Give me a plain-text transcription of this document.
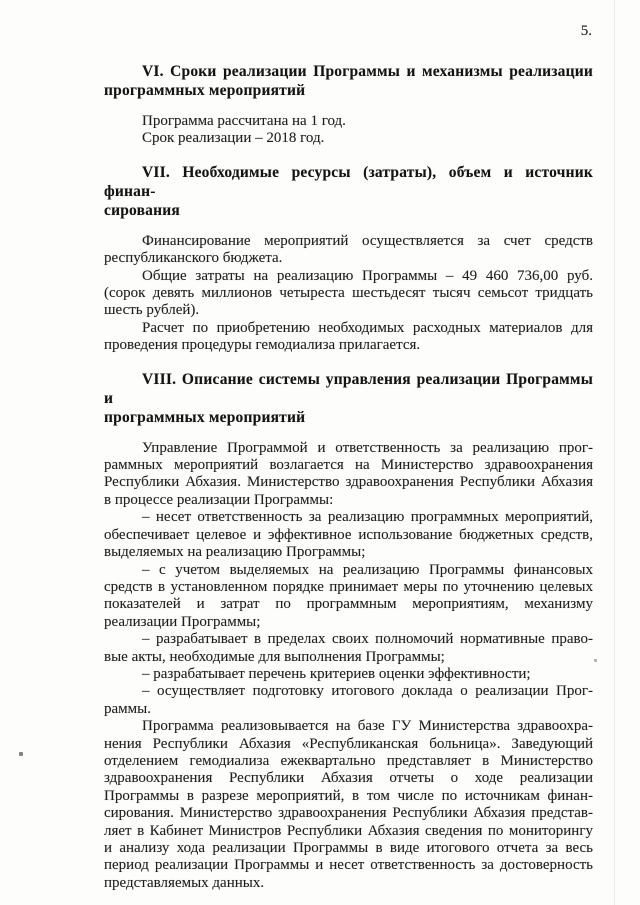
5.
VI. Сроки реализации Программы и механизмы реализации
программных мероприятий
Программа рассчитана на 1 год.
Срок реализации – 2018 год.
VII. Необходимые ресурсы (затраты), объем и источник финан-
сирования
Финансирование мероприятий осуществляется за счет средств
республиканского бюджета.
Общие затраты на реализацию Программы – 49 460 736,00 руб.
(сорок девять миллионов четыреста шестьдесят тысяч семьсот тридцать
шесть рублей).
Расчет по приобретению необходимых расходных материалов для
проведения процедуры гемодиализа прилагается.
VIII. Описание системы управления реализации Программы и
программных мероприятий
Управление Программой и ответственность за реализацию прог-
раммных мероприятий возлагается на Министерство здравоохранения
Республики Абхазия. Министерство здравоохранения Республики Абхазия
в процессе реализации Программы:
– несет ответственность за реализацию программных мероприятий,
обеспечивает целевое и эффективное использование бюджетных средств,
выделяемых на реализацию Программы;
– с учетом выделяемых на реализацию Программы финансовых
средств в установленном порядке принимает меры по уточнению целевых
показателей и затрат по программным мероприятиям, механизму
реализации Программы;
– разрабатывает в пределах своих полномочий нормативные право-
вые акты, необходимые для выполнения Программы;
– разрабатывает перечень критериев оценки эффективности;
– осуществляет подготовку итогового доклада о реализации Прог-
раммы.
Программа реализовывается на базе ГУ Министерства здравоохра-
нения Республики Абхазия «Республиканская больница». Заведующий
отделением гемодиализа ежеквартально представляет в Министерство
здравоохранения Республики Абхазия отчеты о ходе реализации
Программы в разрезе мероприятий, в том числе по источникам финан-
сирования. Министерство здравоохранения Республики Абхазия представ-
ляет в Кабинет Министров Республики Абхазия сведения по мониторингу
и анализу хода реализации Программы в виде итогового отчета за весь
период реализации Программы и несет ответственность за достоверность
представляемых данных.
